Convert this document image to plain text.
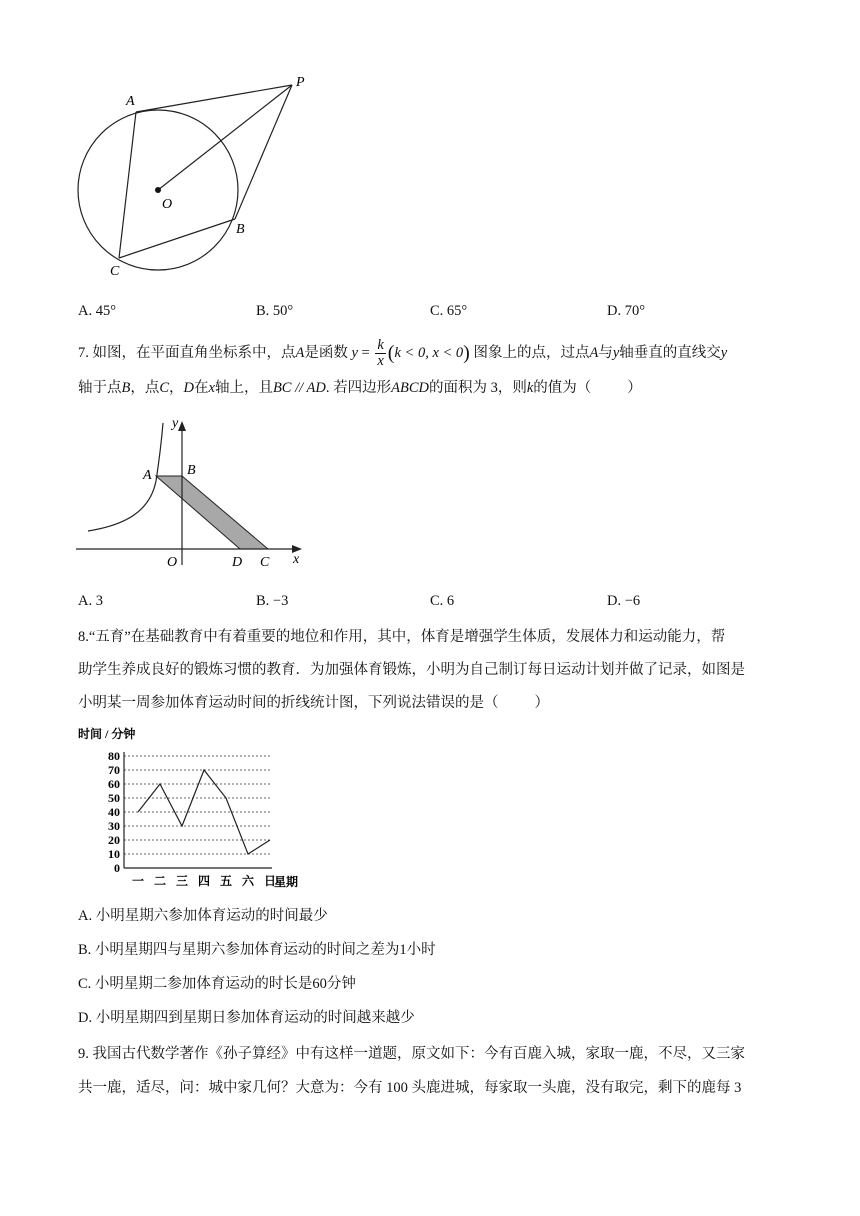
A
P
O
B
C
A. 45°	B. 50°	C. 65°	D. 70°
7. 如图，在平面直角坐标系中，点A是函数 $y = \frac{k}{x} (k < 0$, x < 0) 图象上的点，过点A与y轴垂直的直线交y
轴于点B，点C，D在x轴上，且BC // AD. 若四边形ABCD的面积为 3，则k的值为（ ）
y
x
A	B
O	D C
A. 3	B. −3	C. 6	D. −6
8.“五育”在基础教育中有着重要的地位和作用，其中，体育是增强学生体质，发展体力和运动能力，帮
助学生养成良好的锻炼习惯的教育．为加强体育锻炼，小明为自己制订每日运动计划并做了记录，如图是
小明某一周参加体育运动时间的折线统计图，下列说法错误的是（ ）
时间 / 分钟
0
10
20
30
40
50
60
70
80
一 二 三 四 五 六 日
星期
A. 小明星期六参加体育运动的时间最少
B. 小明星期四与星期六参加体育运动的时间之差为1小时
C. 小明星期二参加体育运动的时长是60分钟
D. 小明星期四到星期日参加体育运动的时间越来越少
9. 我国古代数学著作《孙子算经》中有这样一道题，原文如下：今有百鹿入城，家取一鹿，不尽，又三家
共一鹿，适尽，问：城中家几何？大意为：今有 100 头鹿进城，每家取一头鹿，没有取完，剩下的鹿每 3
